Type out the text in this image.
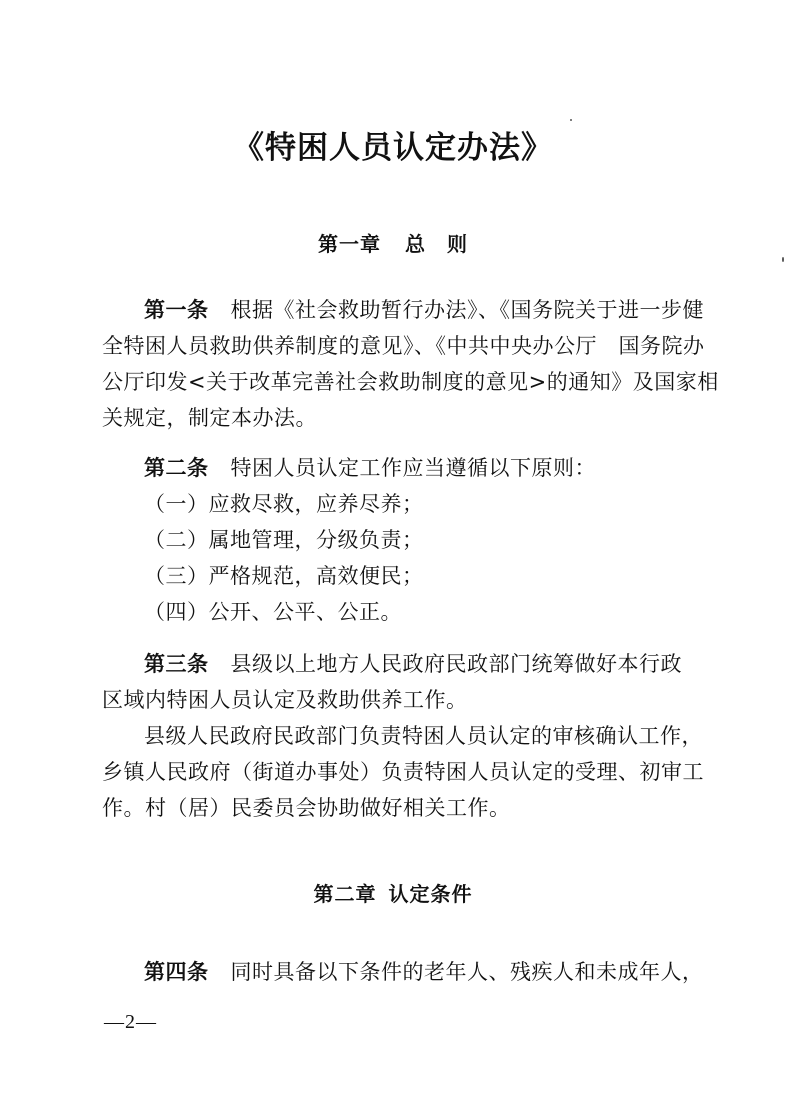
《特困人员认定办法》
第一章 总　则
第一条 根据《社会救助暂行办法》、《国务院关于进一步健
全特困人员救助供养制度的意见》、《中共中央办公厅　国务院办
公厅印发<关于改革完善社会救助制度的意见>的通知》及国家相
关规定，制定本办法。
第二条 特困人员认定工作应当遵循以下原则：
（一）应救尽救，应养尽养；
（二）属地管理，分级负责；
（三）严格规范，高效便民；
（四）公开、公平、公正。
第三条 县级以上地方人民政府民政部门统筹做好本行政
区域内特困人员认定及救助供养工作。
县级人民政府民政部门负责特困人员认定的审核确认工作，
乡镇人民政府（街道办事处）负责特困人员认定的受理、初审工
作。村（居）民委员会协助做好相关工作。
第二章 认定条件
第四条 同时具备以下条件的老年人、残疾人和未成年人，
—2—
